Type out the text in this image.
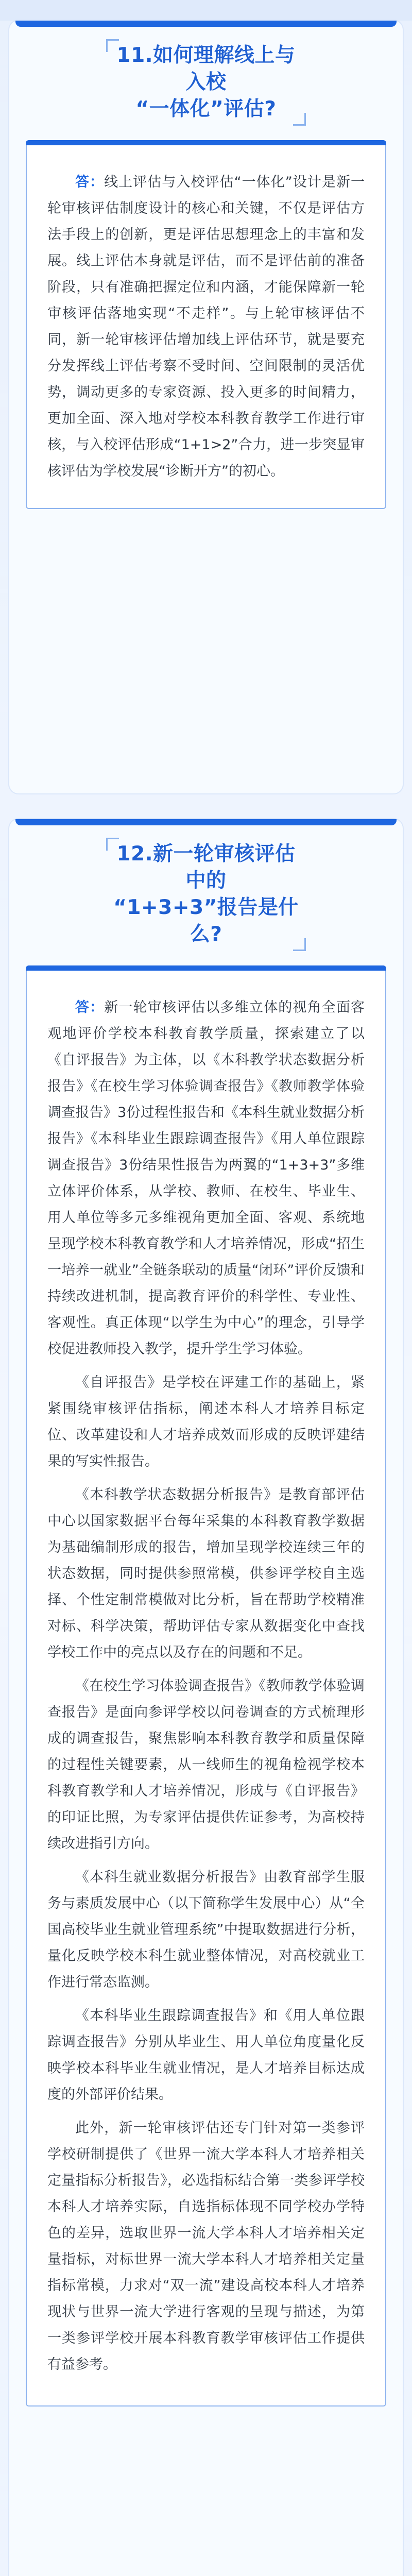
11.如何理解线上与入校

“一体化”评估?

答：线上评估与入校评估“一体化”设计是新一轮审核评估制度设计的核心和关键，不仅是评估方法手段上的创新，更是评估思想理念上的丰富和发展。线上评估本身就是评估，而不是评估前的准备阶段，只有准确把握定位和内涵，才能保障新一轮审核评估落地实现“不走样”。与上轮审核评估不同，新一轮审核评估增加线上评估环节，就是要充分发挥线上评估考察不受时间、空间限制的灵活优势，调动更多的专家资源、投入更多的时间精力，更加全面、深入地对学校本科教育教学工作进行审核，与入校评估形成“1+1>2”合力，进一步突显审核评估为学校发展“诊断开方”的初心。

12.新一轮审核评估中的

“1+3+3”报告是什么?

答：新一轮审核评估以多维立体的视角全面客观地评价学校本科教育教学质量，探索建立了以《自评报告》为主体，以《本科教学状态数据分析报告》《在校生学习体验调查报告》《教师教学体验调查报告》3份过程性报告和《本科生就业数据分析报告》《本科毕业生跟踪调查报告》《用人单位跟踪调查报告》3份结果性报告为两翼的“1+3+3”多维立体评价体系，从学校、教师、在校生、毕业生、用人单位等多元多维视角更加全面、客观、系统地呈现学校本科教育教学和人才培养情况，形成“招生一培养一就业”全链条联动的质量“闭环”评价反馈和持续改进机制，提高教育评价的科学性、专业性、客观性。真正体现“以学生为中心”的理念，引导学校促进教师投入教学，提升学生学习体验。

《自评报告》是学校在评建工作的基础上，紧紧围绕审核评估指标，阐述本科人才培养目标定位、改革建设和人才培养成效而形成的反映评建结果的写实性报告。

《本科教学状态数据分析报告》是教育部评估中心以国家数据平台每年采集的本科教育教学数据为基础编制形成的报告，增加呈现学校连续三年的状态数据，同时提供参照常模，供参评学校自主选择、个性定制常模做对比分析，旨在帮助学校精准对标、科学决策，帮助评估专家从数据变化中查找学校工作中的亮点以及存在的问题和不足。

《在校生学习体验调查报告》《教师教学体验调查报告》是面向参评学校以问卷调查的方式梳理形成的调查报告，聚焦影响本科教育教学和质量保障的过程性关键要素，从一线师生的视角检视学校本科教育教学和人才培养情况，形成与《自评报告》的印证比照，为专家评估提供佐证参考，为高校持续改进指引方向。

《本科生就业数据分析报告》由教育部学生服务与素质发展中心（以下简称学生发展中心）从“全国高校毕业生就业管理系统”中提取数据进行分析，量化反映学校本科生就业整体情况，对高校就业工作进行常态监测。

《本科毕业生跟踪调查报告》和《用人单位跟踪调查报告》分别从毕业生、用人单位角度量化反映学校本科毕业生就业情况，是人才培养目标达成度的外部评价结果。

此外，新一轮审核评估还专门针对第一类参评学校研制提供了《世界一流大学本科人才培养相关定量指标分析报告》，必选指标结合第一类参评学校本科人才培养实际，自选指标体现不同学校办学特色的差异，选取世界一流大学本科人才培养相关定量指标，对标世界一流大学本科人才培养相关定量指标常模，力求对“双一流”建设高校本科人才培养现状与世界一流大学进行客观的呈现与描述，为第一类参评学校开展本科教育教学审核评估工作提供有益参考。
